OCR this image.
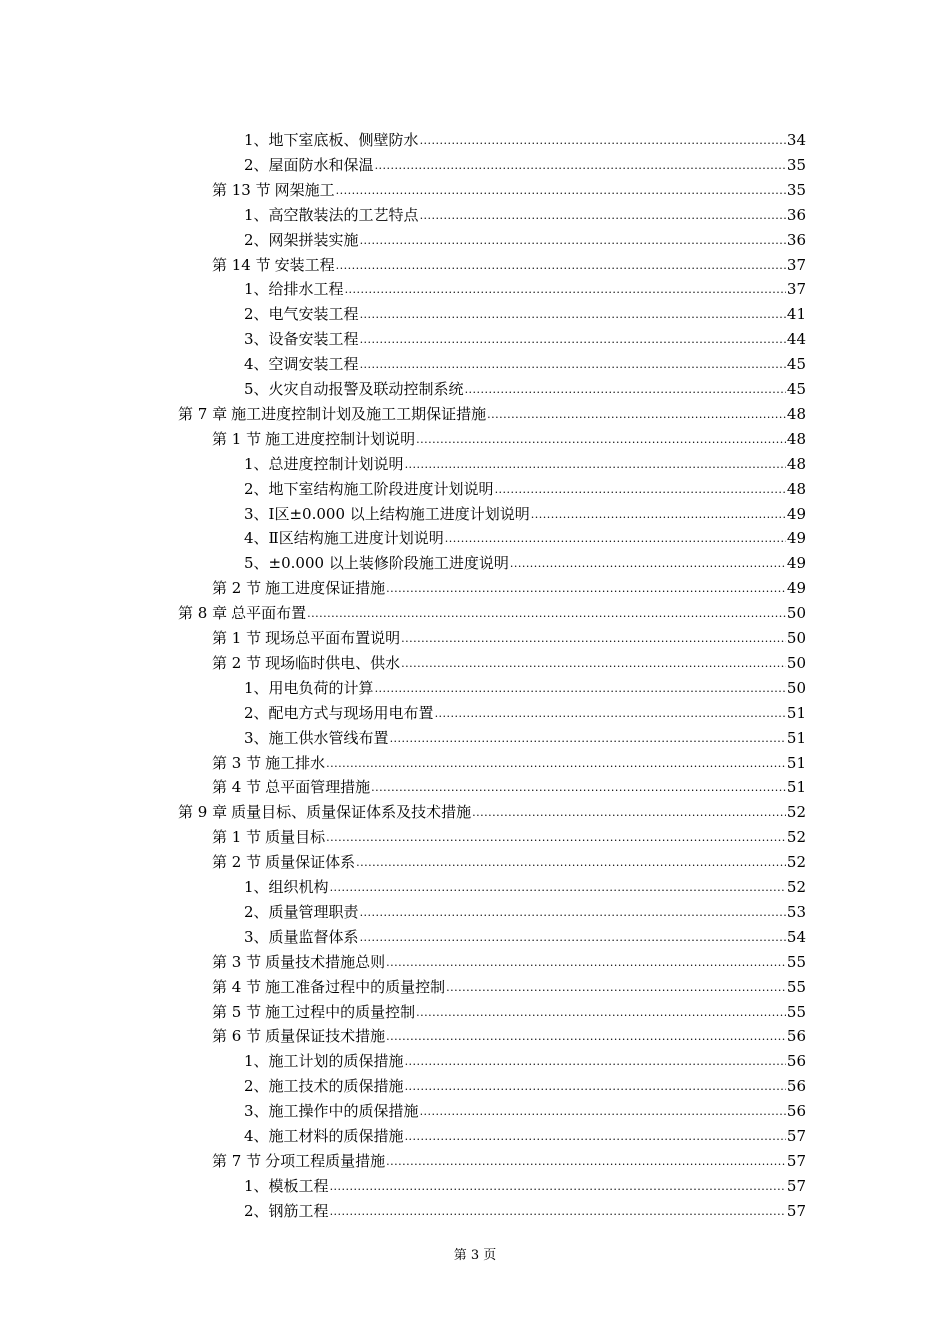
1、 地下室底板、侧壁防水 .....	34
2、 屋面防水和保温 .....	35
第 13 节 网架施工 .....	35
1、 高空散装法的工艺特点 .....	36
2、 网架拼装实施 .....	36
第 14 节 安装工程 .....	37
1、 给排水工程 .....	37
2、 电气安装工程 .....	41
3、 设备安装工程 .....	44
4、 空调安装工程 .....	45
5、 火灾自动报警及联动控制系统 .....	45
第 7 章 施工进度控制计划及施工工期保证措施 .....	48
第 1 节 施工进度控制计划说明 .....	48
1、 总进度控制计划说明 .....	48
2、 地下室结构施工阶段进度计划说明 .....	48
3、 Ⅰ区±0.000 以上结构施工进度计划说明 .....	49
4、 Ⅱ区结构施工进度计划说明 .....	49
5、 ±0.000 以上装修阶段施工进度说明 .....	49
第 2 节 施工进度保证措施 .....	49
第 8 章 总平面布置 .....	50
第 1 节 现场总平面布置说明 .....	50
第 2 节 现场临时供电、供水 .....	50
1、 用电负荷的计算 .....	50
2、 配电方式与现场用电布置 .....	51
3、 施工供水管线布置 .....	51
第 3 节 施工排水 .....	51
第 4 节 总平面管理措施 .....	51
第 9 章 质量目标、质量保证体系及技术措施 .....	52
第 1 节 质量目标 .....	52
第 2 节 质量保证体系 .....	52
1、 组织机构 .....	52
2、 质量管理职责 .....	53
3、 质量监督体系 .....	54
第 3 节 质量技术措施总则 .....	55
第 4 节 施工准备过程中的质量控制 .....	55
第 5 节 施工过程中的质量控制 .....	55
第 6 节 质量保证技术措施 .....	56
1、 施工计划的质保措施 .....	56
2、 施工技术的质保措施 .....	56
3、 施工操作中的质保措施 .....	56
4、 施工材料的质保措施 .....	57
第 7 节 分项工程质量措施 .....	57
1、 模板工程 .....	57
2、 钢筋工程 .....	57
第 3 页
